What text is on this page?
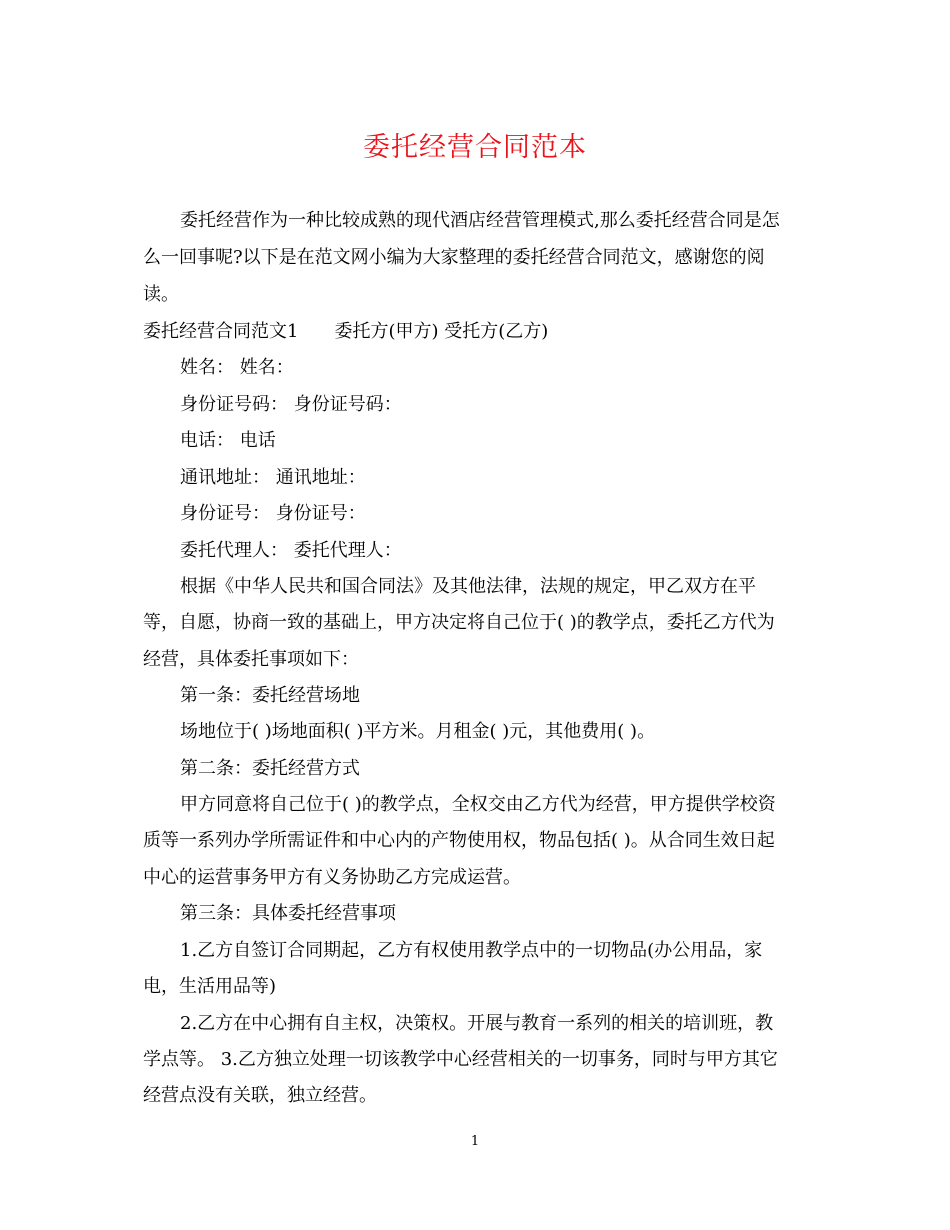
委托经营合同范本
委托经营作为一种比较成熟的现代酒店经营管理模式,那么委托经营合同是怎
么一回事呢?以下是在范文网小编为大家整理的委托经营合同范文，感谢您的阅
读。
委托经营合同范文1　　委托方(甲方) 受托方(乙方)
姓名： 姓名：
身份证号码： 身份证号码：
电话： 电话
通讯地址： 通讯地址：
身份证号： 身份证号：
委托代理人： 委托代理人：
根据《中华人民共和国合同法》及其他法律，法规的规定，甲乙双方在平
等，自愿，协商一致的基础上，甲方决定将自己位于( )的教学点，委托乙方代为
经营，具体委托事项如下：
第一条：委托经营场地
场地位于( )场地面积( )平方米。月租金( )元，其他费用( )。
第二条：委托经营方式
甲方同意将自己位于( )的教学点，全权交由乙方代为经营，甲方提供学校资
质等一系列办学所需证件和中心内的产物使用权，物品包括( )。从合同生效日起
中心的运营事务甲方有义务协助乙方完成运营。
第三条：具体委托经营事项
1.乙方自签订合同期起，乙方有权使用教学点中的一切物品(办公用品，家
电，生活用品等)
2.乙方在中心拥有自主权，决策权。开展与教育一系列的相关的培训班，教
学点等。 3.乙方独立处理一切该教学中心经营相关的一切事务，同时与甲方其它
经营点没有关联，独立经营。
1
